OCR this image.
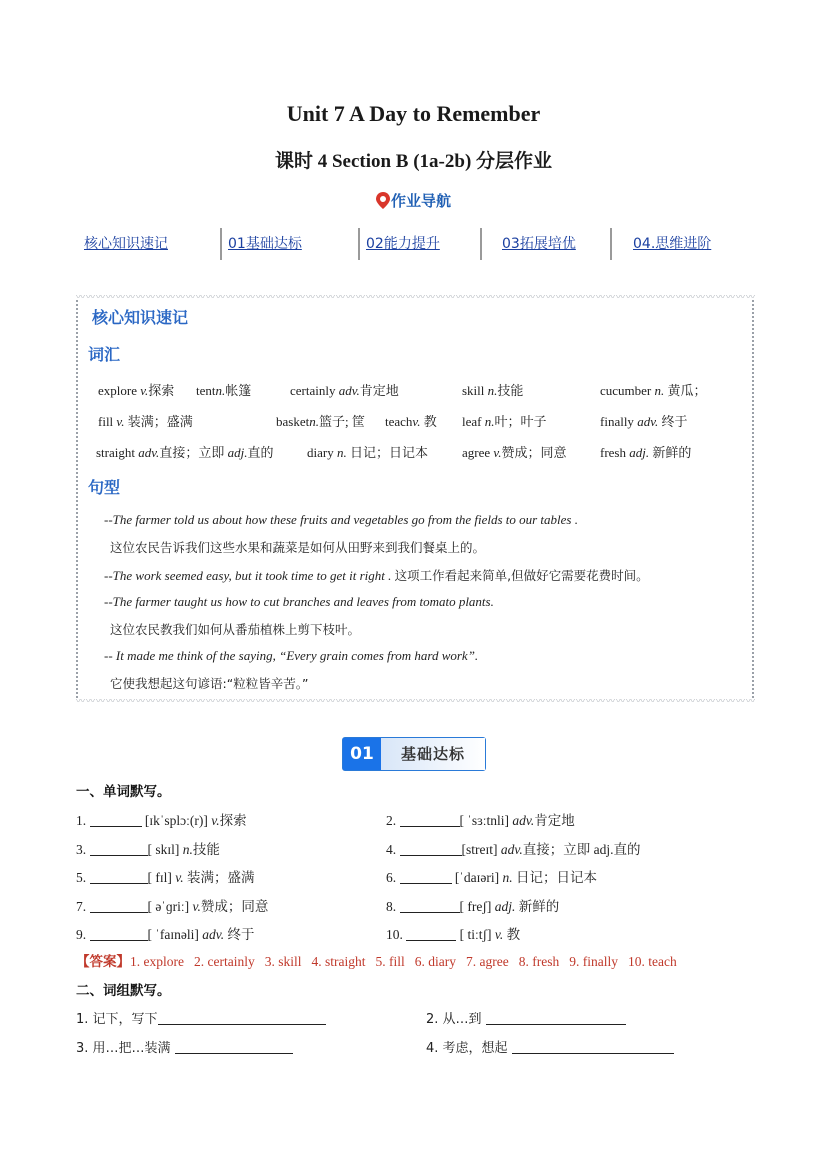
Unit 7 A Day to Remember
课时 4 Section B (1a-2b) 分层作业
作业导航
核心知识速记	01基础达标	02能力提升	03拓展培优	04.思维进阶
〰〰〰〰〰〰〰〰〰〰〰〰〰〰〰〰〰〰〰〰〰〰〰〰〰〰〰〰〰〰〰〰〰〰〰〰〰〰〰〰〰〰〰〰〰〰〰〰〰〰〰〰〰〰〰〰〰〰〰〰〰〰〰〰〰〰〰〰
〰〰〰〰〰〰〰〰〰〰〰〰〰〰〰〰〰〰〰〰〰〰〰〰〰〰〰〰〰〰〰〰〰〰〰〰〰〰〰〰〰〰〰〰〰〰〰〰〰〰〰〰〰〰〰〰〰〰〰〰〰〰〰〰〰〰〰〰
核心知识速记
词汇
explore v.探索 tentn.帐篷	certainly adv.肯定地	skill n.技能	cucumber n. 黄瓜；
fill v. 装满；盛满	basketn.篮子; 筐 teachv. 教 leaf n.叶；叶子	finally adv. 终于
straight adv.直接；立即 adj.直的	diary n. 日记；日记本	agree v.赞成；同意	fresh adj. 新鲜的
句型
--The farmer told us about how these fruits and vegetables go from the fields to our tables .
这位农民告诉我们这些水果和蔬菜是如何从田野来到我们餐桌上的。
--The work seemed easy, but it took time to get it right . 这项工作看起来简单,但做好它需要花费时间。
--The farmer taught us how to cut branches and leaves from tomato plants.
这位农民教我们如何从番茄植株上剪下枝叶。
-- It made me think of the saying, “Every grain comes from hard work”.
它使我想起这句谚语:“粒粒皆辛苦。”
01	基础达标
一、单词默写。
1.	[ɪkˈsplɔː(r)] v.探索	2.	[ ˈsɜːtnli] adv.肯定地
3.	[ skɪl] n.技能	4.	[streɪt] adv.直接；立即 adj.直的
5.	[ fɪl] v. 装满；盛满	6.	[ˈdaɪəri] n. 日记；日记本
7.	[ əˈɡriː] v.赞成；同意	8.	[ freʃ] adj. 新鲜的
9.	[ ˈfaɪnəli] adv. 终于	10.	[ tiːtʃ] v. 教
【答案】1. explore 2. certainly 3. skill 4. straight 5. fill 6. diary 7. agree 8. fresh 9. finally 10. teach
二、词组默写。
1. 记下，写下	2. 从…到
3. 用…把…装满	4. 考虑，想起
